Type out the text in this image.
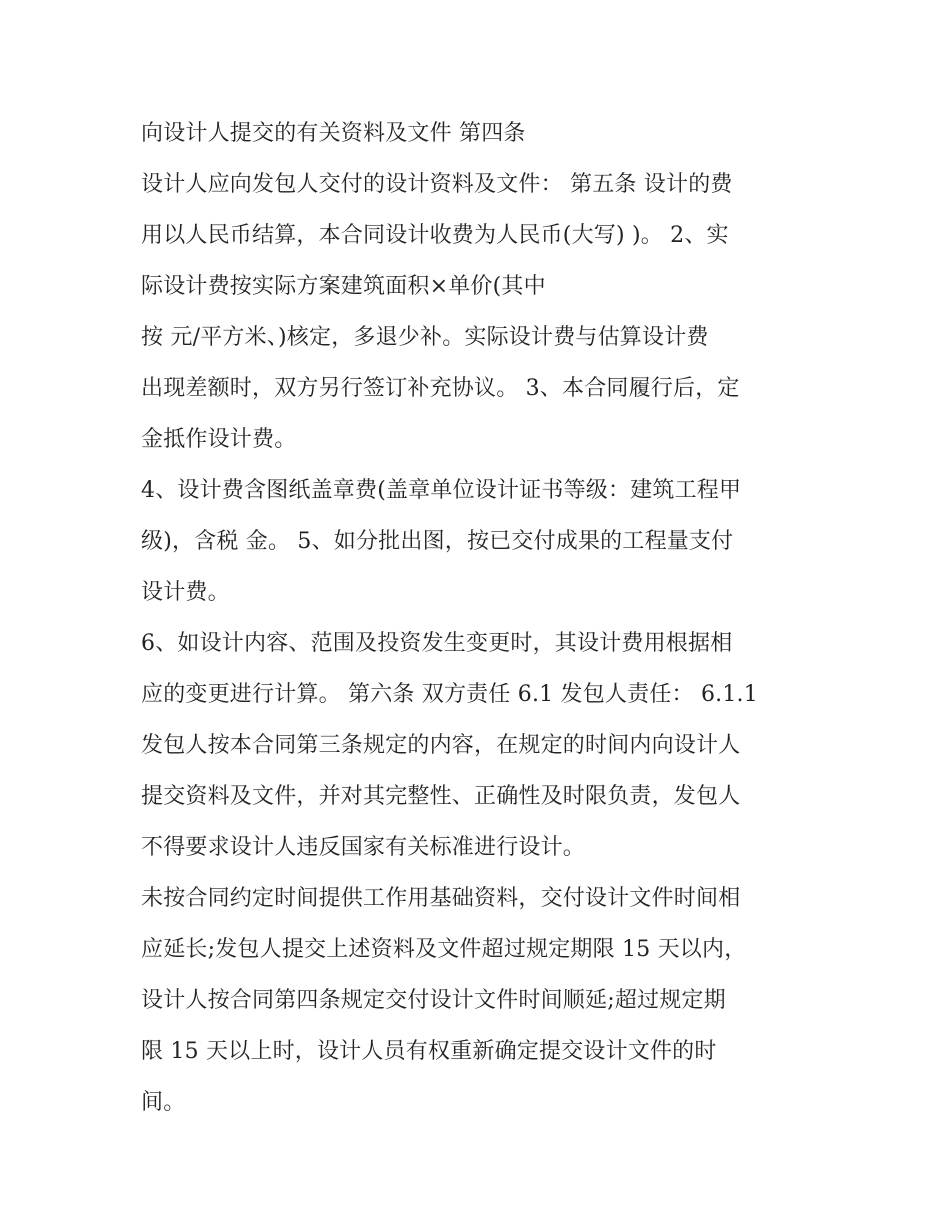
向设计人提交的有关资料及文件 第四条
设计人应向发包人交付的设计资料及文件： 第五条 设计的费
用以人民币结算，本合同设计收费为人民币(大写) )。 2、实
际设计费按实际方案建筑面积×单价(其中
按 元/平方米、)核定，多退少补。实际设计费与估算设计费
出现差额时，双方另行签订补充协议。 3、本合同履行后，定
金抵作设计费。
4、设计费含图纸盖章费(盖章单位设计证书等级：建筑工程甲
级)，含税 金。 5、如分批出图，按已交付成果的工程量支付
设计费。
6、如设计内容、范围及投资发生变更时，其设计费用根据相
应的变更进行计算。 第六条 双方责任 6.1 发包人责任： 6.1.1
发包人按本合同第三条规定的内容，在规定的时间内向设计人
提交资料及文件，并对其完整性、正确性及时限负责，发包人
不得要求设计人违反国家有关标准进行设计。
未按合同约定时间提供工作用基础资料，交付设计文件时间相
应延长;发包人提交上述资料及文件超过规定期限 15 天以内，
设计人按合同第四条规定交付设计文件时间顺延;超过规定期
限 15 天以上时，设计人员有权重新确定提交设计文件的时
间。
